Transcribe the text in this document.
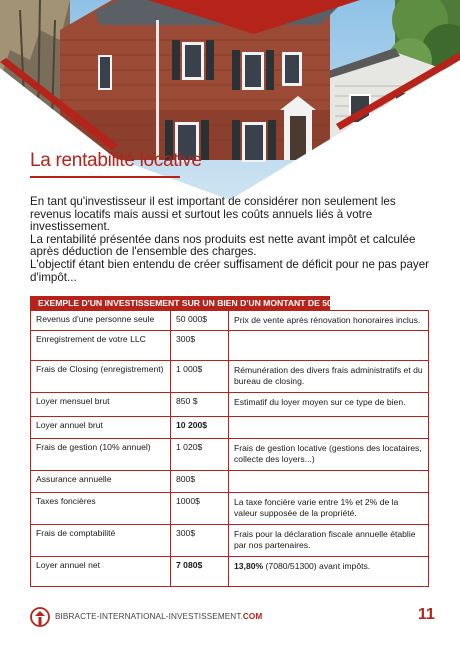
La rentabilité locative

En tant qu'investisseur il est important de considérer non seulement les revenus locatifs mais aussi et surtout les coûts annuels liés à votre investissement.

La rentabilité présentée dans nos produits est nette avant impôt et calculée après déduction de l'ensemble des charges.

L'objectif étant bien entendu de créer suffisament de déficit pour ne pas payer d'impôt...

EXEMPLE D'UN INVESTISSEMENT SUR UN BIEN D'UN MONTANT DE 50 000$
Revenus d'une personne seule	50 000$	Prix de vente après rénovation honoraires inclus.
Enregistrement de votre LLC	300$	
Frais de Closing (enregistrement)	1 000$	Rémunération des divers frais administratifs et du bureau de closing.
Loyer mensuel brut	850 $	Estimatif du loyer moyen sur ce type de bien.
Loyer annuel brut	10 200$	
Frais de gestion (10% annuel)	1 020$	Frais de gestion locative (gestions des locataires, collecte des loyers...)
Assurance annuelle	800$	
Taxes foncières	1000$	La taxe foncière varie entre 1% et 2% de la valeur supposée de la propriété.
Frais de comptabilité	300$	Frais pour la déclaration fiscale annuelle établie par nos partenaires.
Loyer annuel net	7 080$	13,80% (7080/51300) avant impôts.
BIBRACTE-INTERNATIONAL-INVESTISSEMENT.COM	11
